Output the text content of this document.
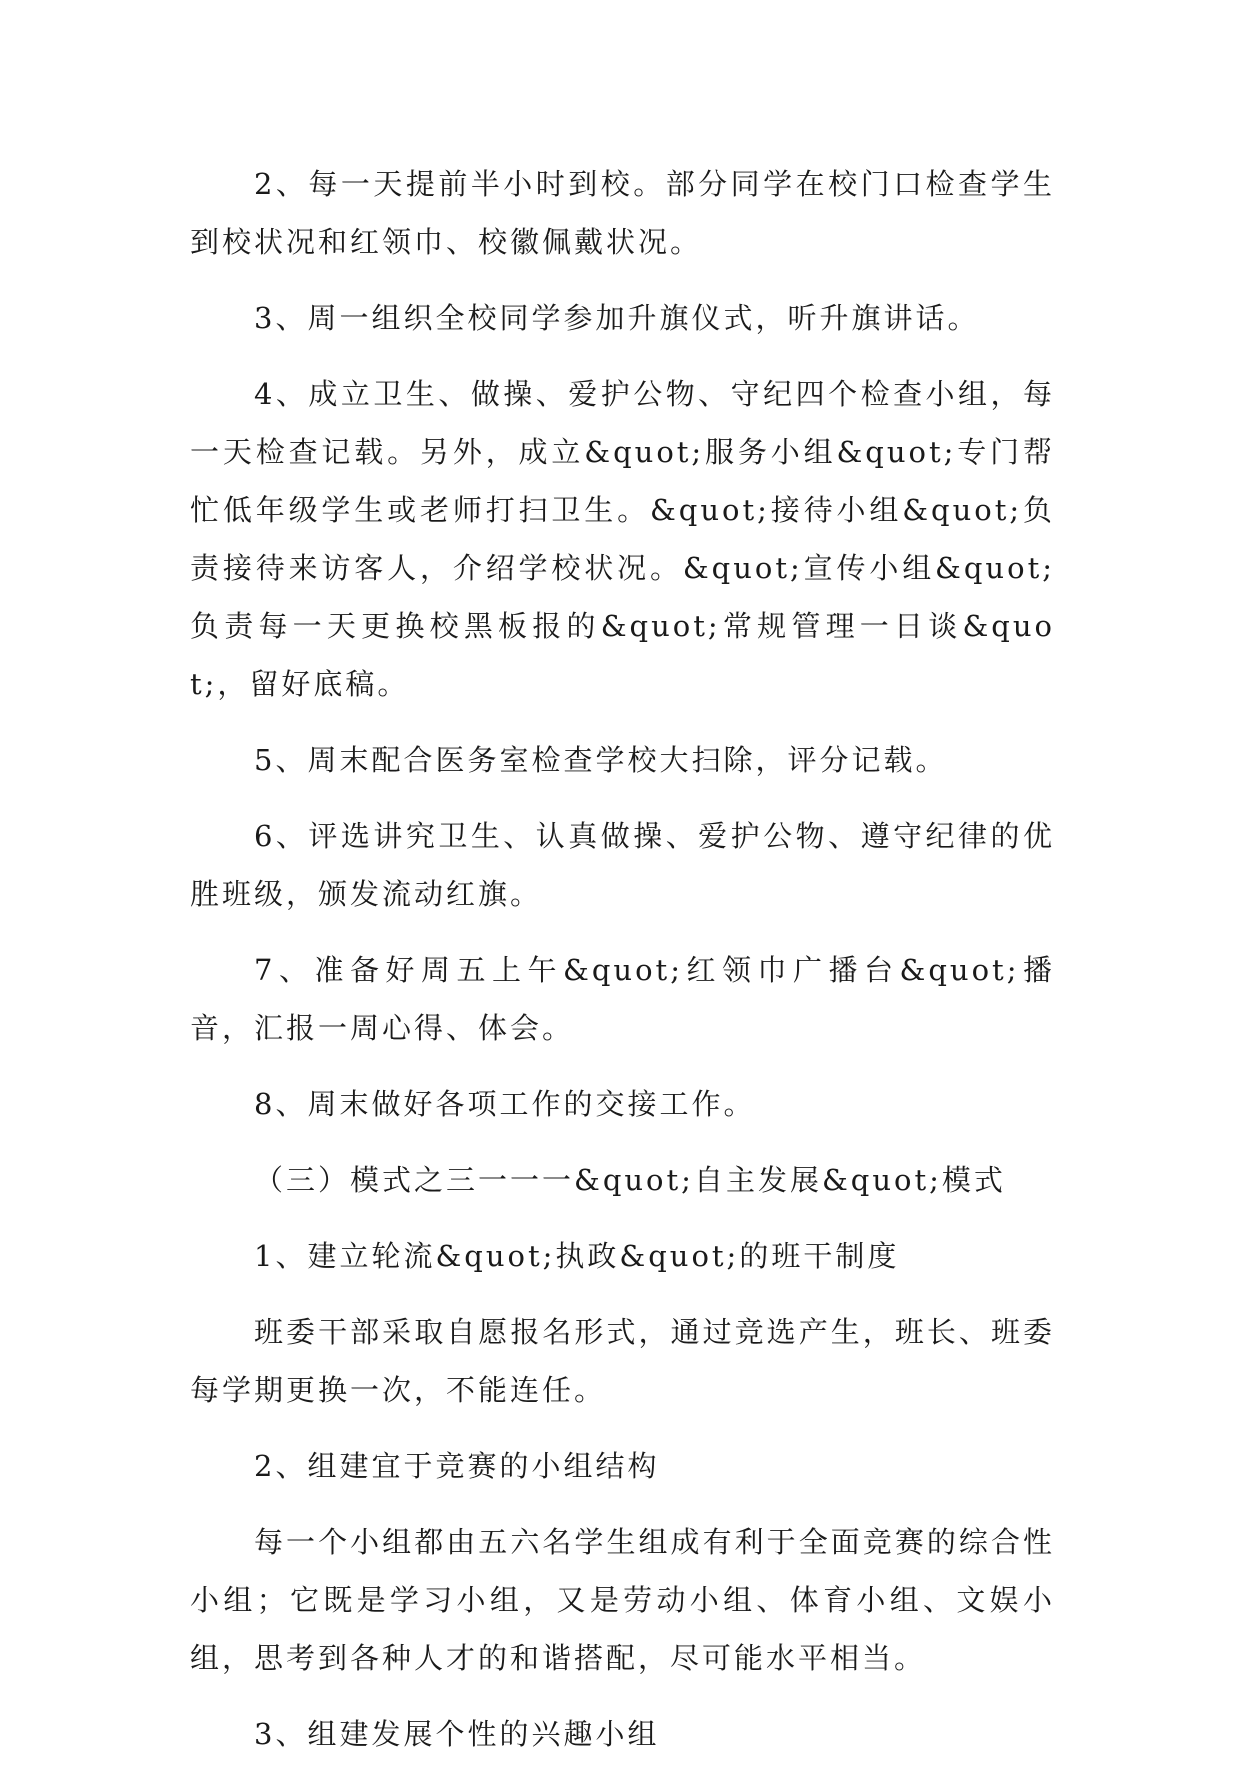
2、每一天提前半小时到校。部分同学在校门口检查学生到校状况和红领巾、校徽佩戴状况。

3、周一组织全校同学参加升旗仪式，听升旗讲话。

4、成立卫生、做操、爱护公物、守纪四个检查小组，每一天检查记载。另外，成立&quot;服务小组&quot;专门帮忙低年级学生或老师打扫卫生。&quot;接待小组&quot;负责接待来访客人，介绍学校状况。&quot;宣传小组&quot;负责每一天更换校黑板报的&quot;常规管理一日谈&quot;，留好底稿。

5、周末配合医务室检查学校大扫除，评分记载。

6、评选讲究卫生、认真做操、爱护公物、遵守纪律的优胜班级，颁发流动红旗。

7、准备好周五上午&quot;红领巾广播台&quot;播音，汇报一周心得、体会。

8、周末做好各项工作的交接工作。

（三）模式之三一一一&quot;自主发展&quot;模式

1、建立轮流&quot;执政&quot;的班干制度

班委干部采取自愿报名形式，通过竞选产生，班长、班委每学期更换一次，不能连任。

2、组建宜于竞赛的小组结构

每一个小组都由五六名学生组成有利于全面竞赛的综合性小组；它既是学习小组，又是劳动小组、体育小组、文娱小组，思考到各种人才的和谐搭配，尽可能水平相当。

3、组建发展个性的兴趣小组
